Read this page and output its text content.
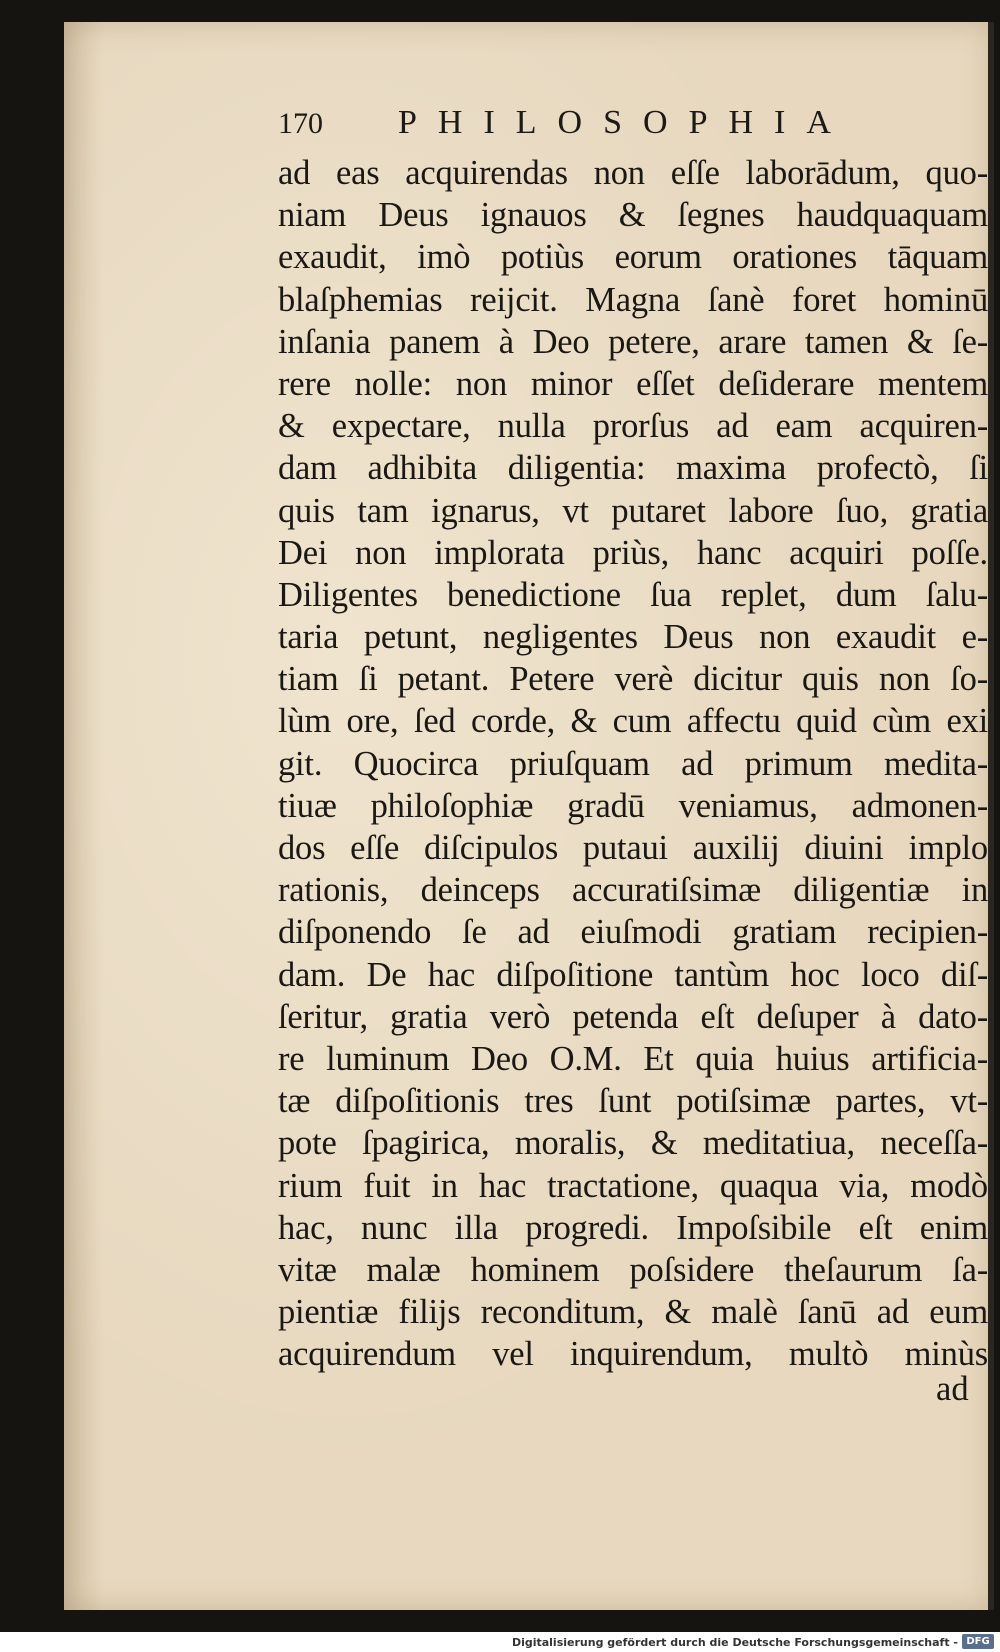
170	PHILOSOPHIA
ad eas acquirendas non eſſe laborādum, quo-
niam Deus ignauos & ſegnes haudquaquam
exaudit, imò potiùs eorum orationes tāquam
blaſphemias reijcit. Magna ſanè foret hominū
inſania panem à Deo petere, arare tamen & ſe-
rere nolle: non minor eſſet deſiderare mentem
& expectare, nulla prorſus ad eam acquiren-
dam adhibita diligentia: maxima profectò, ſi
quis tam ignarus, vt putaret labore ſuo, gratia
Dei non implorata priùs, hanc acquiri poſſe.
Diligentes benedictione ſua replet, dum ſalu-
taria petunt, negligentes Deus non exaudit e-
tiam ſi petant. Petere verè dicitur quis non ſo-
lùm ore, ſed corde, & cum affectu quid cùm exi
git. Quocirca priuſquam ad primum medita-
tiuæ philoſophiæ gradū veniamus, admonen-
dos eſſe diſcipulos putaui auxilij diuini implo
rationis, deinceps accuratiſsimæ diligentiæ in
diſponendo ſe ad eiuſmodi gratiam recipien-
dam. De hac diſpoſitione tantùm hoc loco diſ-
ſeritur, gratia verò petenda eſt deſuper à dato-
re luminum Deo O.M. Et quia huius artificia-
tæ diſpoſitionis tres ſunt potiſsimæ partes, vt-
pote ſpagirica, moralis, & meditatiua, neceſſa-
rium fuit in hac tractatione, quaqua via, modò
hac, nunc illa progredi. Impoſsibile eſt enim
vitæ malæ hominem poſsidere theſaurum ſa-
pientiæ filijs reconditum, & malè ſanū ad eum
acquirendum vel inquirendum, multò minùs
ad
Digitalisierung gefördert durch die Deutsche Forschungsgemeinschaft - DFG
